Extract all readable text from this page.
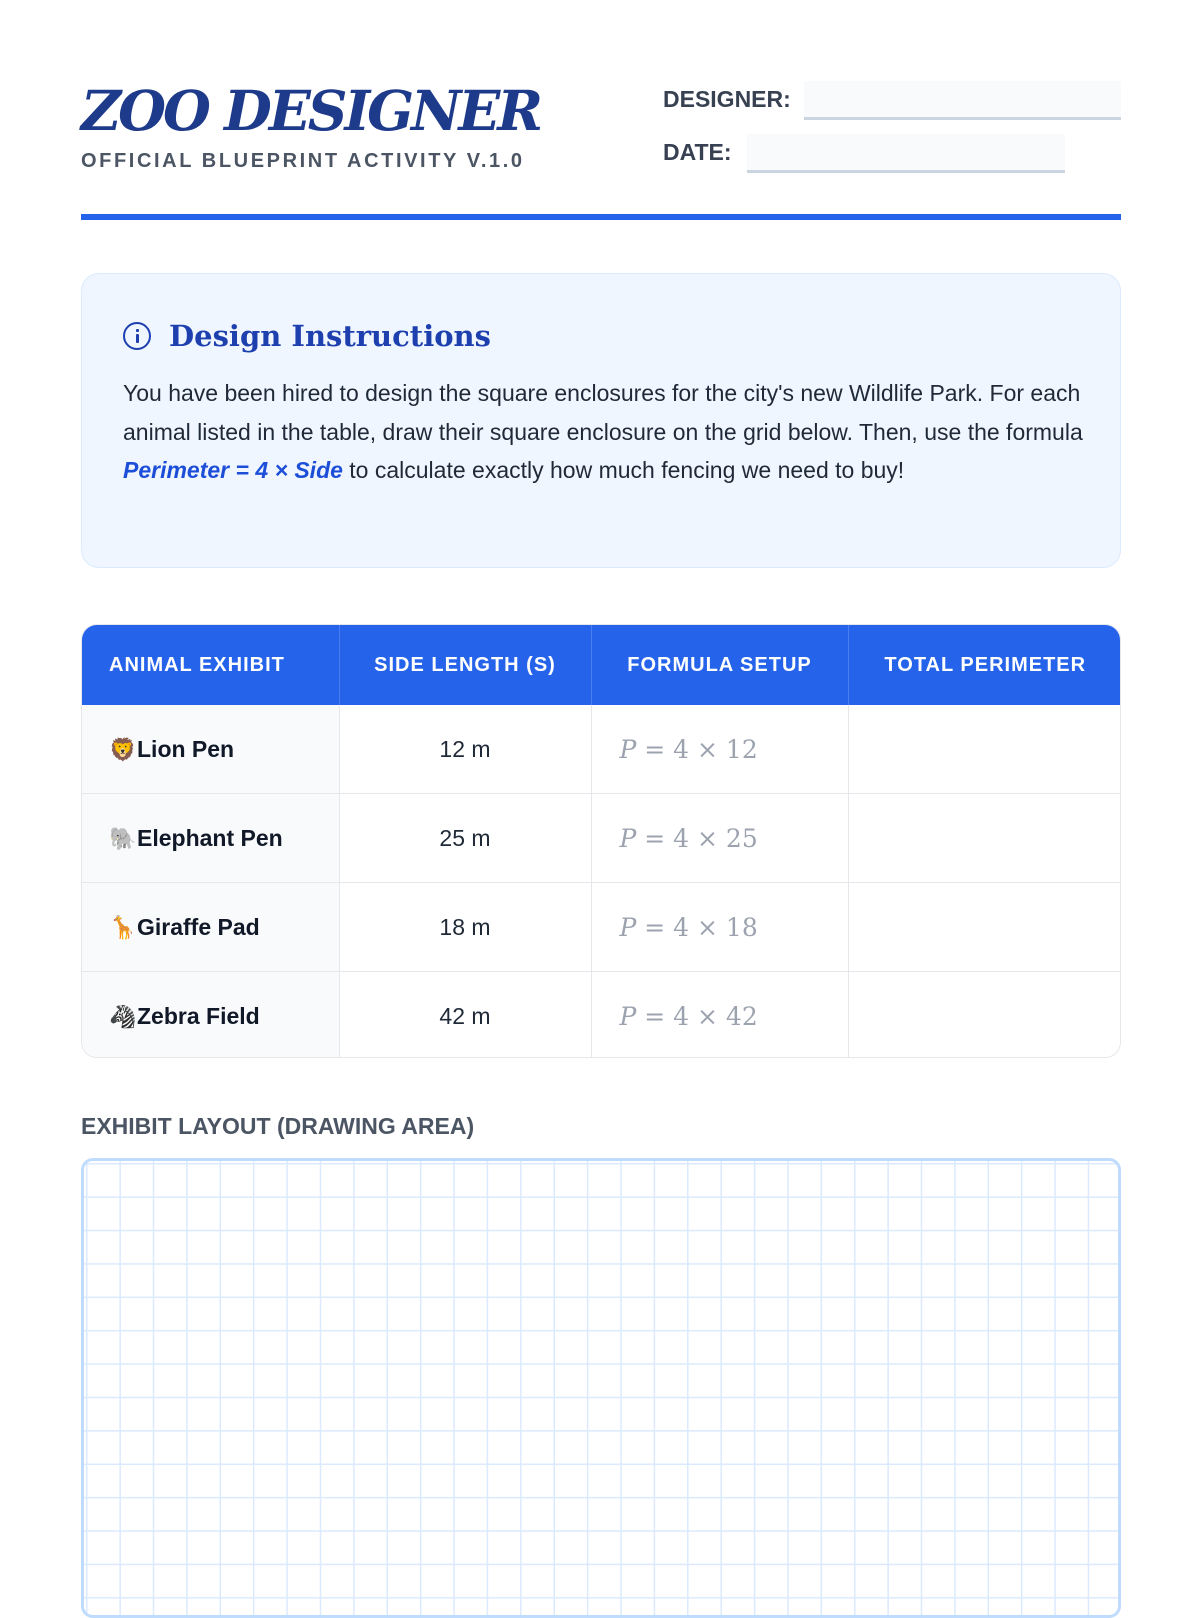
ZOO DESIGNER
OFFICIAL BLUEPRINT ACTIVITY V.1.0
DESIGNER:
DATE:
Design Instructions

You have been hired to design the square enclosures for the city's new Wildlife Park. For each animal listed in the table, draw their square enclosure on the grid below. Then, use the formula Perimeter = 4 × Side to calculate exactly how much fencing we need to buy!

ANIMAL EXHIBIT	SIDE LENGTH (S)	FORMULA SETUP	TOTAL PERIMETER
🦁Lion Pen	12 m	P = 4 × 12	
🐘Elephant Pen	25 m	P = 4 × 25	
🦒Giraffe Pad	18 m	P = 4 × 18	
🦓Zebra Field	42 m	P = 4 × 42	
EXHIBIT LAYOUT (DRAWING AREA)
